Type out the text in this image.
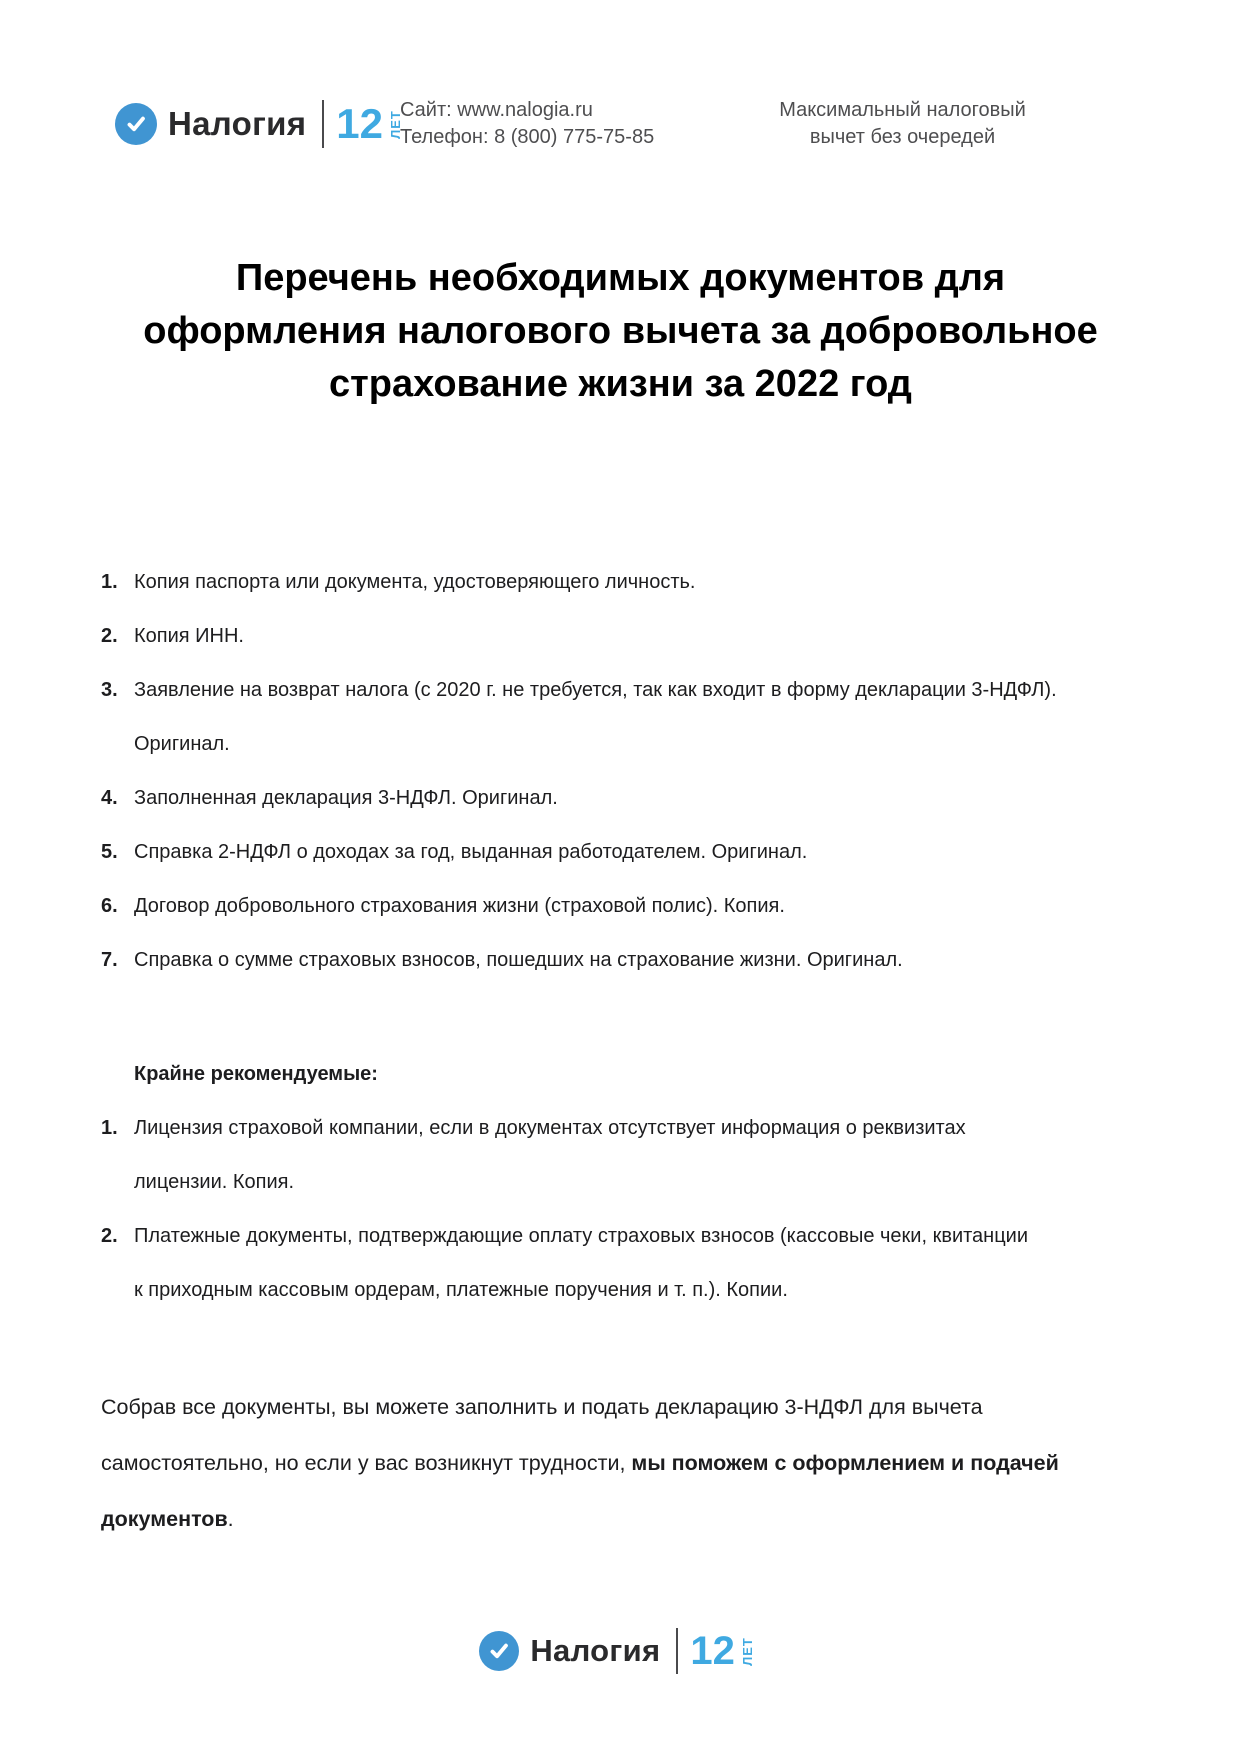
Налогия 12 ЛЕТ
Сайт: www.nalogia.ru
Телефон: 8 (800) 775-75-85
Максимальный налоговый
вычет без очередей
Перечень необходимых документов для оформления налогового вычета за добровольное страхование жизни за 2022 год
1. Копия паспорта или документа, удостоверяющего личность.
2. Копия ИНН.
3. Заявление на возврат налога (с 2020 г. не требуется, так как входит в форму декларации 3-НДФЛ). Оригинал.
4. Заполненная декларация 3-НДФЛ. Оригинал.
5. Справка 2-НДФЛ о доходах за год, выданная работодателем. Оригинал.
6. Договор добровольного страхования жизни (страховой полис). Копия.
7. Справка о сумме страховых взносов, пошедших на страхование жизни. Оригинал.
Крайне рекомендуемые:
1. Лицензия страховой компании, если в документах отсутствует информация о реквизитах лицензии. Копия.
2. Платежные документы, подтверждающие оплату страховых взносов (кассовые чеки, квитанции к приходным кассовым ордерам, платежные поручения и т. п.). Копии.

Собрав все документы, вы можете заполнить и подать декларацию 3-НДФЛ для вычета самостоятельно, но если у вас возникнут трудности, мы поможем с оформлением и подачей документов.

Налогия 12 ЛЕТ
